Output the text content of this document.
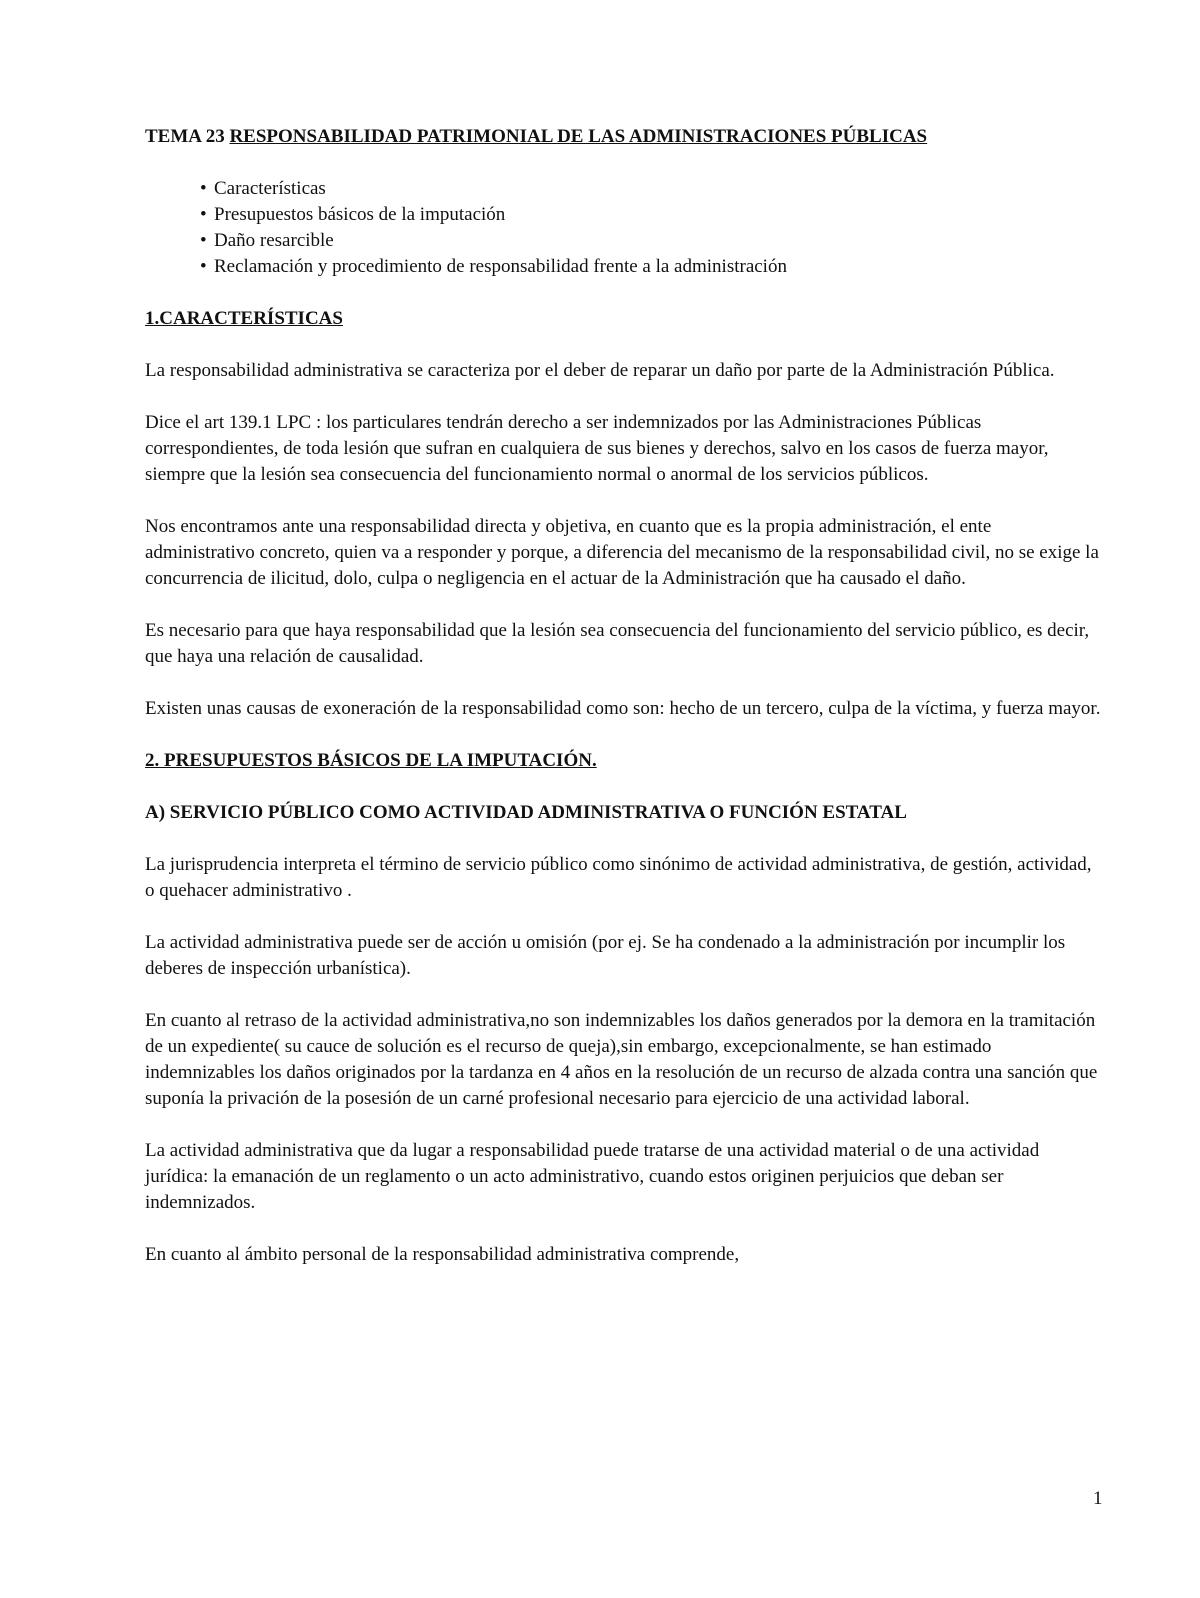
TEMA 23 RESPONSABILIDAD PATRIMONIAL DE LAS ADMINISTRACIONES PÚBLICAS
• Características
• Presupuestos básicos de la imputación
• Daño resarcible
• Reclamación y procedimiento de responsabilidad frente a la administración
1.CARACTERÍSTICAS

La responsabilidad administrativa se caracteriza por el deber de reparar un daño por parte de la Administración Pública.

Dice el art 139.1 LPC : los particulares tendrán derecho a ser indemnizados por las Administraciones Públicas correspondientes, de toda lesión que sufran en cualquiera de sus bienes y derechos, salvo en los casos de fuerza mayor, siempre que la lesión sea consecuencia del funcionamiento normal o anormal de los servicios públicos.

Nos encontramos ante una responsabilidad directa y objetiva, en cuanto que es la propia administración, el ente administrativo concreto, quien va a responder y porque, a diferencia del mecanismo de la responsabilidad civil, no se exige la concurrencia de ilicitud, dolo, culpa o negligencia en el actuar de la Administración que ha causado el daño.

Es necesario para que haya responsabilidad que la lesión sea consecuencia del funcionamiento del servicio público, es decir, que haya una relación de causalidad.

Existen unas causas de exoneración de la responsabilidad como son: hecho de un tercero, culpa de la víctima, y fuerza mayor.

2. PRESUPUESTOS BÁSICOS DE LA IMPUTACIÓN.
A) SERVICIO PÚBLICO COMO ACTIVIDAD ADMINISTRATIVA O FUNCIÓN ESTATAL

La jurisprudencia interpreta el término de servicio público como sinónimo de actividad administrativa, de gestión, actividad, o quehacer administrativo .

La actividad administrativa puede ser de acción u omisión (por ej. Se ha condenado a la administración por incumplir los deberes de inspección urbanística).

En cuanto al retraso de la actividad administrativa,no son indemnizables los daños generados por la demora en la tramitación de un expediente( su cauce de solución es el recurso de queja),sin embargo, excepcionalmente, se han estimado indemnizables los daños originados por la tardanza en 4 años en la resolución de un recurso de alzada contra una sanción que suponía la privación de la posesión de un carné profesional necesario para ejercicio de una actividad laboral.

La actividad administrativa que da lugar a responsabilidad puede tratarse de una actividad material o de una actividad jurídica: la emanación de un reglamento o un acto administrativo, cuando estos originen perjuicios que deban ser indemnizados.

En cuanto al ámbito personal de la responsabilidad administrativa comprende,

1
